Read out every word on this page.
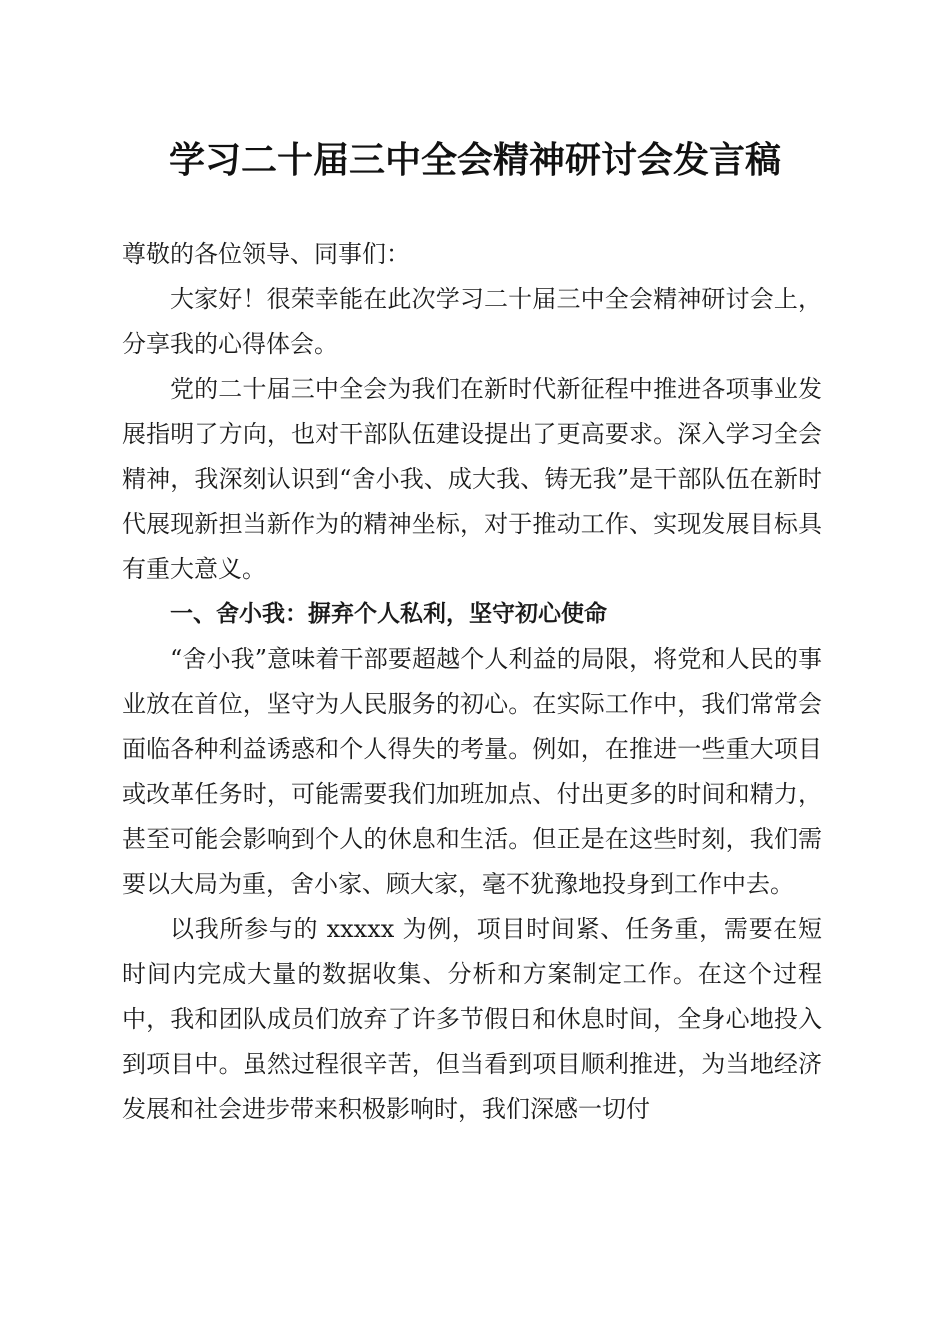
学习二十届三中全会精神研讨会发言稿

尊敬的各位领导、同事们：

大家好！很荣幸能在此次学习二十届三中全会精神研讨会上，分享我的心得体会。

党的二十届三中全会为我们在新时代新征程中推进各项事业发展指明了方向，也对干部队伍建设提出了更高要求。深入学习全会精神，我深刻认识到“舍小我、成大我、铸无我”是干部队伍在新时代展现新担当新作为的精神坐标，对于推动工作、实现发展目标具有重大意义。

一、舍小我：摒弃个人私利，坚守初心使命

“舍小我”意味着干部要超越个人利益的局限，将党和人民的事业放在首位，坚守为人民服务的初心。在实际工作中，我们常常会面临各种利益诱惑和个人得失的考量。例如，在推进一些重大项目或改革任务时，可能需要我们加班加点、付出更多的时间和精力，甚至可能会影响到个人的休息和生活。但正是在这些时刻，我们需要以大局为重，舍小家、顾大家，毫不犹豫地投身到工作中去。

以我所参与的 xxxxx 为例，项目时间紧、任务重，需要在短时间内完成大量的数据收集、分析和方案制定工作。在这个过程中，我和团队成员们放弃了许多节假日和休息时间，全身心地投入到项目中。虽然过程很辛苦，但当看到项目顺利推进，为当地经济发展和社会进步带来积极影响时，我们深感一切付
